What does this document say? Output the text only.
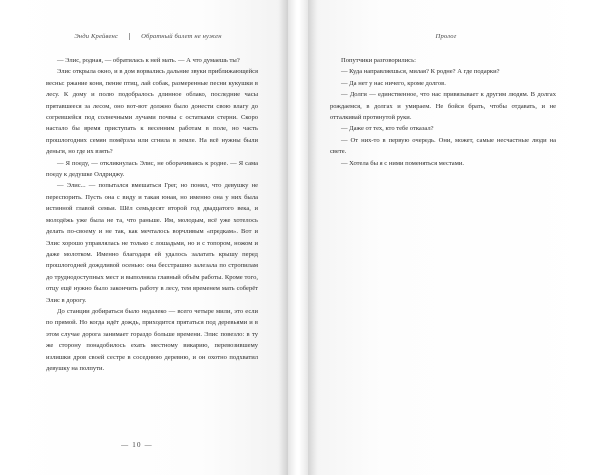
Энди Крейвенс	Обратный билет не нужен

— Элис, родная, — обратилась к ней мать. — А что думаешь ты?

Элис открыла окно, и в дом ворвались дальние звуки приближающейся весны: ржание коня, пение птиц, лай собак, размеренные песни кукушки в лесу. К дому и полю подобралось длинное облако, последние часы прятавшееся за лесом, оно вот-вот должно было донести свою влагу до согревшейся под солнечными лучами почвы с остатками стерни. Скоро настало бы время приступать к весенним работам в поле, но часть прошлогодних семян помёрзла или сгнила в земле. На всё нужны были деньги, но где их взять?

— Я поеду, — откликнулась Элис, не оборачиваясь к родне. — Я сама поеду к дедушке Олдриджу.

— Элис... — попытался вмешаться Грег, но понял, что девушку не переспорить. Пусть она с виду и такая юная, но именно она у них была истинной главой семьи. Шёл семьдесят второй год двадцатого века, и молодёжь уже была не та, что раньше. Им, молодым, всё уже хотелось делать по-своему и не так, как мечталось ворчливым «предкам». Вот и Элис хорошо управлялась не только с лошадьми, но и с топором, ножом и даже молотком. Именно благодаря ей удалось залатать крышу перед прошлогодней дождливой осенью: она бесстрашно залезала по стропилам до труднодоступных мест и выполняла главный объём работы. Кроме того, отцу ещё нужно было закончить работу в лесу, тем временем мать соберёт Элис в дорогу.

До станции добираться было недалеко — всего четыре мили, это если по прямой. Но когда идёт дождь, приходится прятаться под деревьями и в этом случае дорога занимает гораздо больше времени. Элис повезло: в ту же сторону понадобилось ехать местному викарию, перевозившему излишки дров своей сестре в соседнюю деревню, и он охотно подхватил девушку на полпути.

— 10 —
Пролог

Попутчики разговорились:

— Куда направляешься, милая? К родне? А где подарки?

— Да нет у нас ничего, кроме долгов.

— Долги — единственное, что нас привязывает к другим людям. В долгах рождаемся, в долгах и умираем. Не бойся брать, чтобы отдавать, и не отталкивай протянутой руки.

— Даже от тех, кто тебе отказал?

— От них-то в первую очередь. Они, может, самые несчастные люди на свете.

— Хотела бы я с ними поменяться местами.
